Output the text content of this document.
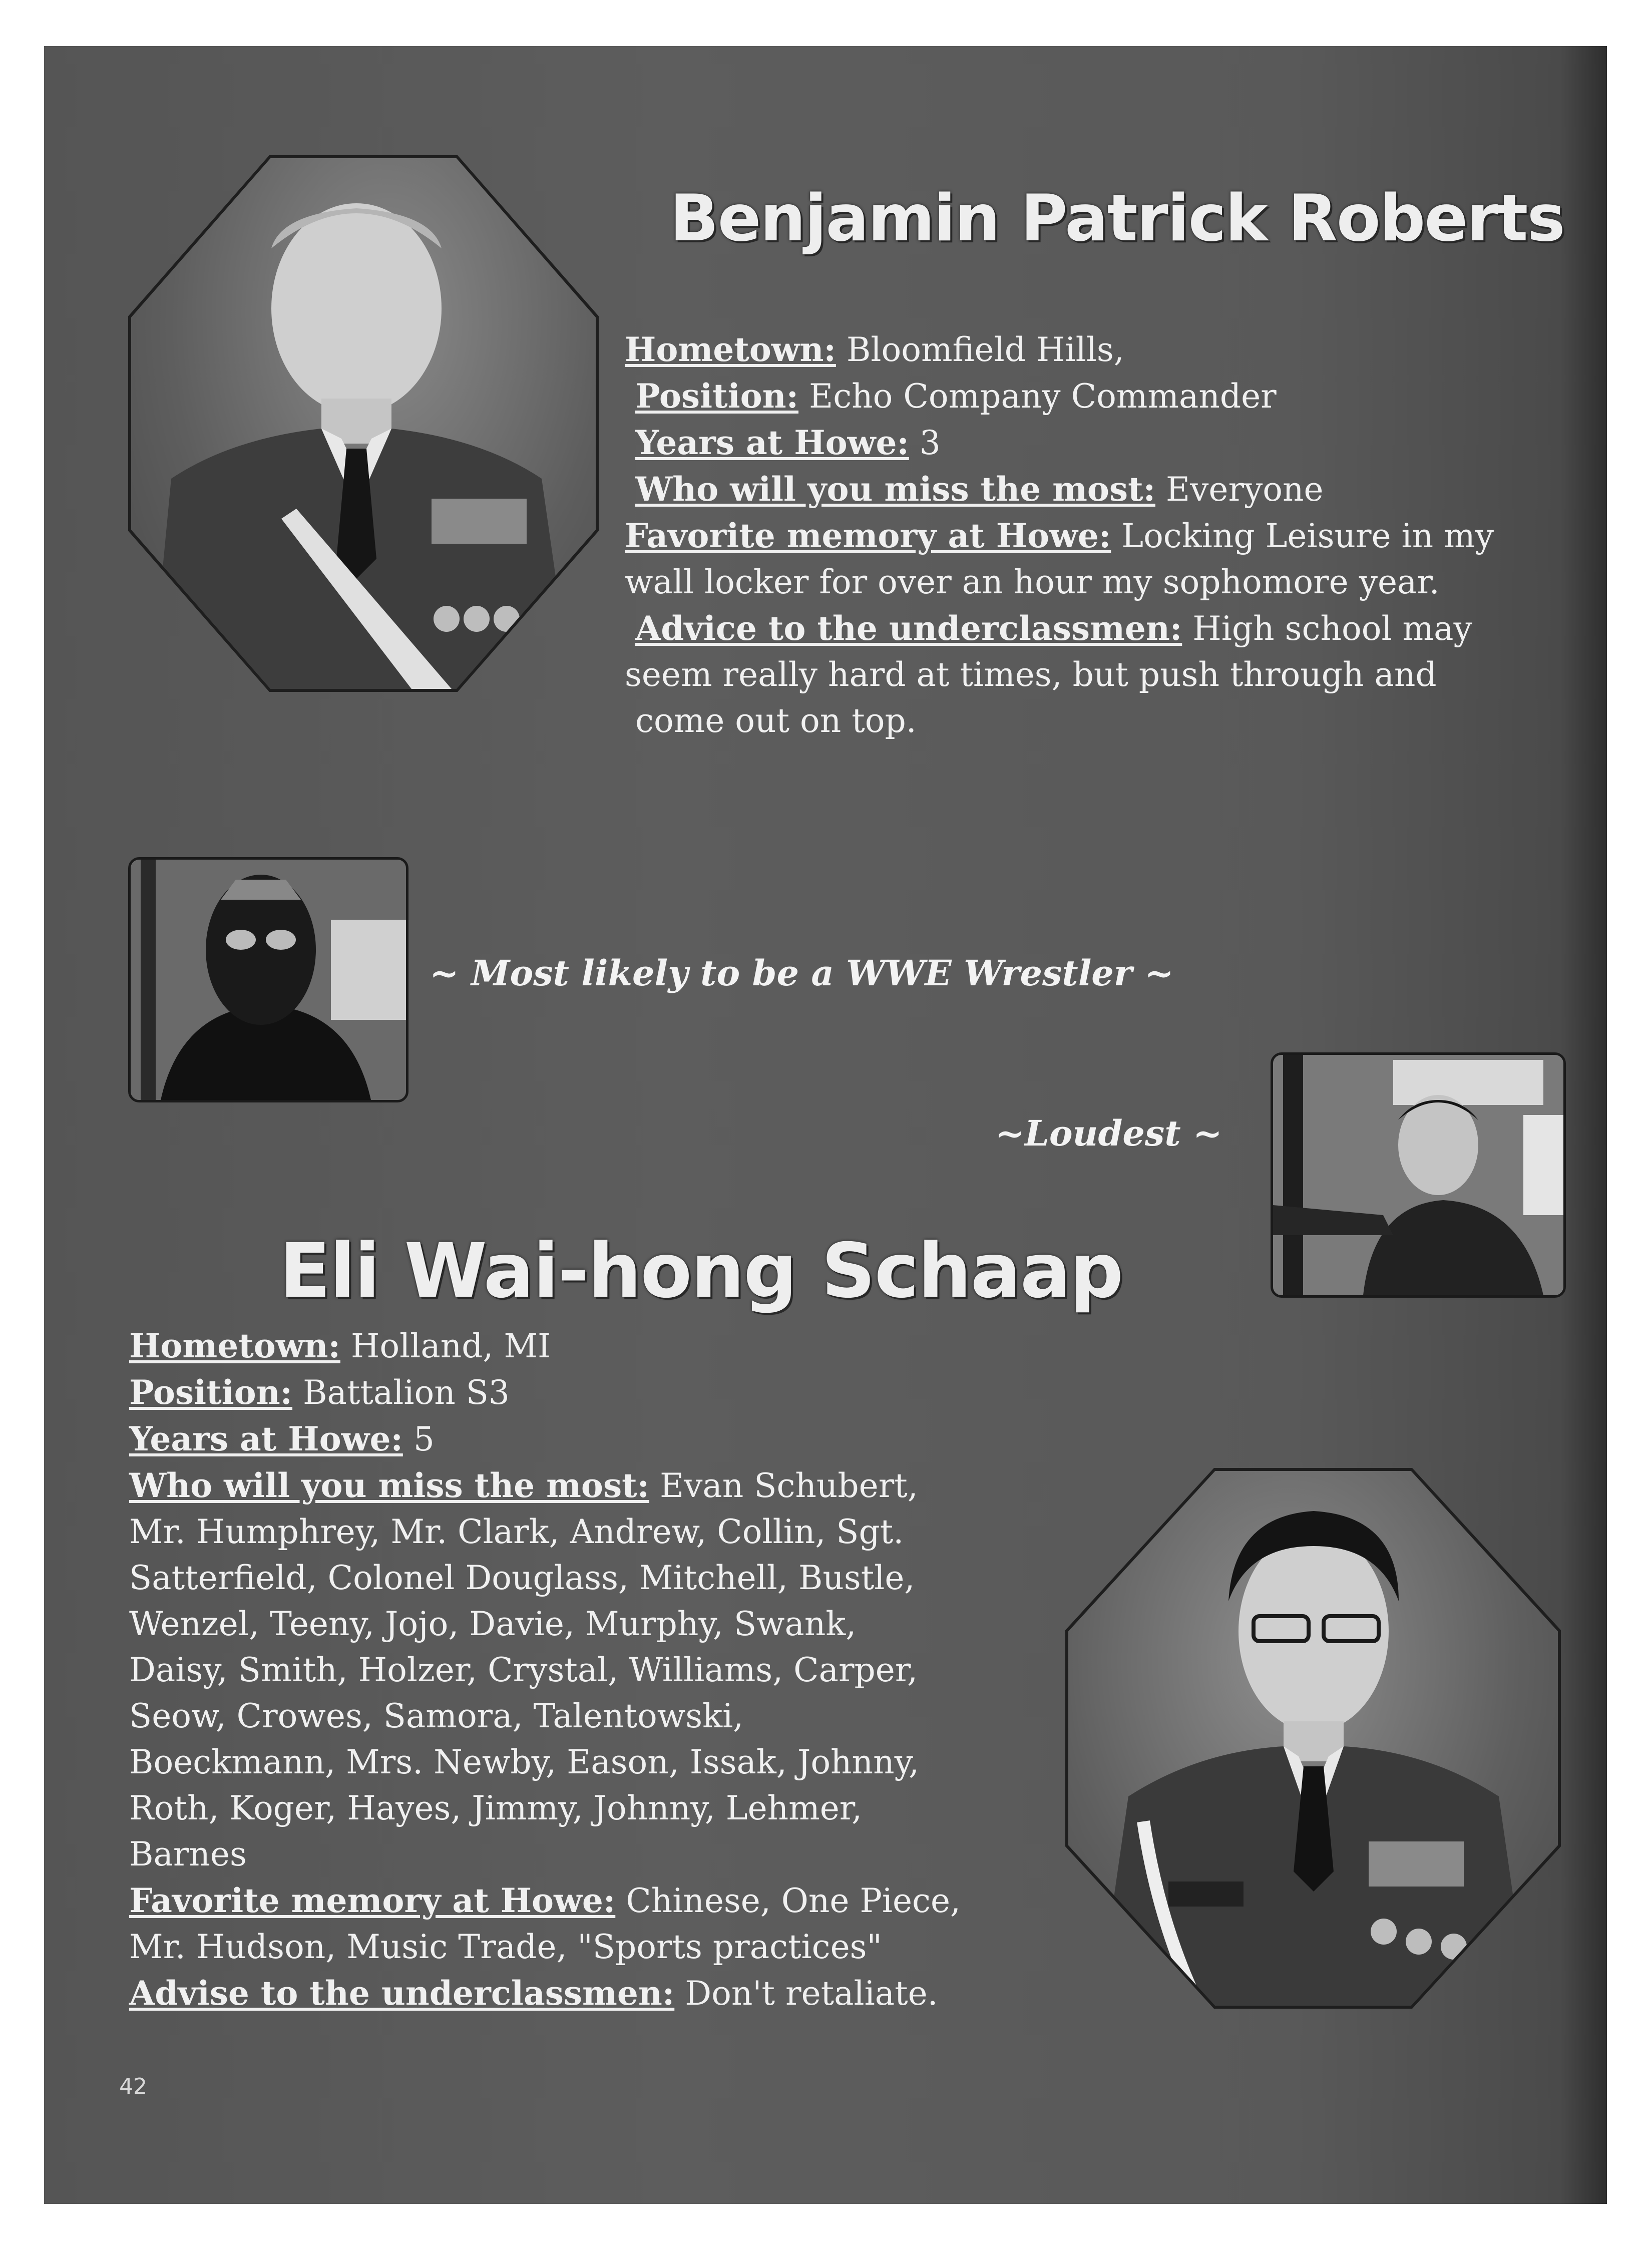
Benjamin Patrick Roberts

Hometown: Bloomfield Hills,

Position: Echo Company Commander

Years at Howe: 3

Who will you miss the most: Everyone

Favorite memory at Howe: Locking Leisure in my

wall locker for over an hour my sophomore year.

Advice to the underclassmen: High school may

seem really hard at times, but push through and

come out on top.

~ Most likely to be a WWE Wrestler ~
~Loudest ~
Eli Wai-hong Schaap

Hometown: Holland, MI

Position: Battalion S3

Years at Howe: 5

Who will you miss the most: Evan Schubert,

Mr. Humphrey, Mr. Clark, Andrew, Collin, Sgt.

Satterfield, Colonel Douglass, Mitchell, Bustle,

Wenzel, Teeny, Jojo, Davie, Murphy, Swank,

Daisy, Smith, Holzer, Crystal, Williams, Carper,

Seow, Crowes, Samora, Talentowski,

Boeckmann, Mrs. Newby, Eason, Issak, Johnny,

Roth, Koger, Hayes, Jimmy, Johnny, Lehmer,

Barnes

Favorite memory at Howe: Chinese, One Piece,

Mr. Hudson, Music Trade, "Sports practices"

Advise to the underclassmen: Don't retaliate.

42
